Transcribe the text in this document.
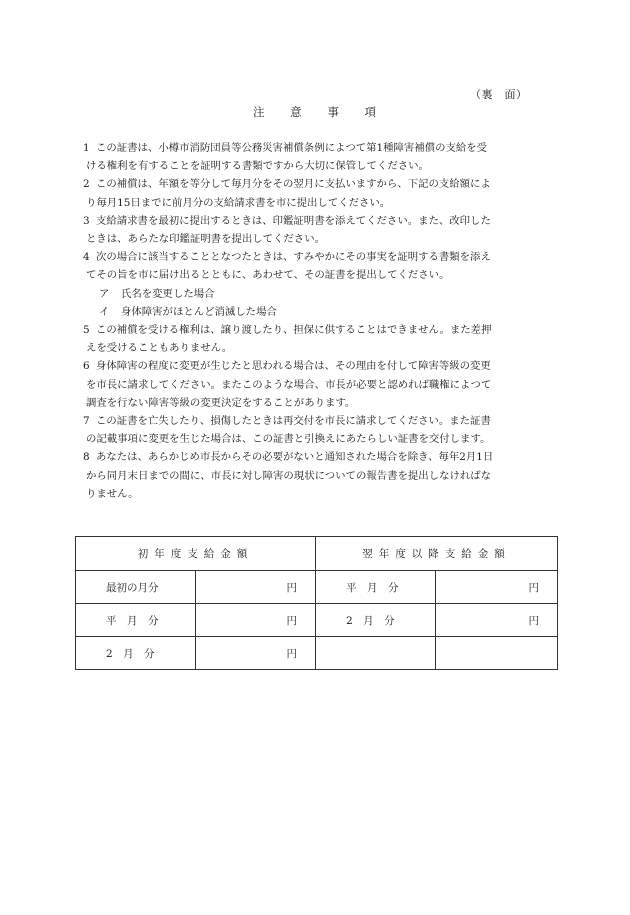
（裏　面）
注 意 事 項
1 この証書は、小樽市消防団員等公務災害補償条例によつて第1種障害補償の支給を受
ける権利を有することを証明する書類ですから大切に保管してください。
2 この補償は、年額を等分して毎月分をその翌月に支払いますから、下記の支給額によ
り毎月15日までに前月分の支給請求書を市に提出してください。
3 支給請求書を最初に提出するときは、印鑑証明書を添えてください。また、改印した
ときは、あらたな印鑑証明書を提出してください。
4 次の場合に該当することとなつたときは、すみやかにその事実を証明する書類を添え
てその旨を市に届け出るとともに、あわせて、その証書を提出してください。
ア 氏名を変更した場合
イ 身体障害がほとんど消滅した場合
5 この補償を受ける権利は、譲り渡したり、担保に供することはできません。また差押
えを受けることもありません。
6 身体障害の程度に変更が生じたと思われる場合は、その理由を付して障害等級の変更
を市長に請求してください。またこのような場合、市長が必要と認めれば職権によつて
調査を行ない障害等級の変更決定をすることがあります。
7 この証書を亡失したり、損傷したときは再交付を市長に請求してください。また証書
の記載事項に変更を生じた場合は、この証書と引換えにあたらしい証書を交付します。
8 あなたは、あらかじめ市長からその必要がないと通知された場合を除き、毎年2月1日
から同月末日までの間に、市長に対し障害の現状についての報告書を提出しなければな
りません。
初年度支給金額		翌年度以降支給金額	
最初の月分	円	平　月　分	円
平　月　分	円	2　月　分	円
2　月　分	円		
